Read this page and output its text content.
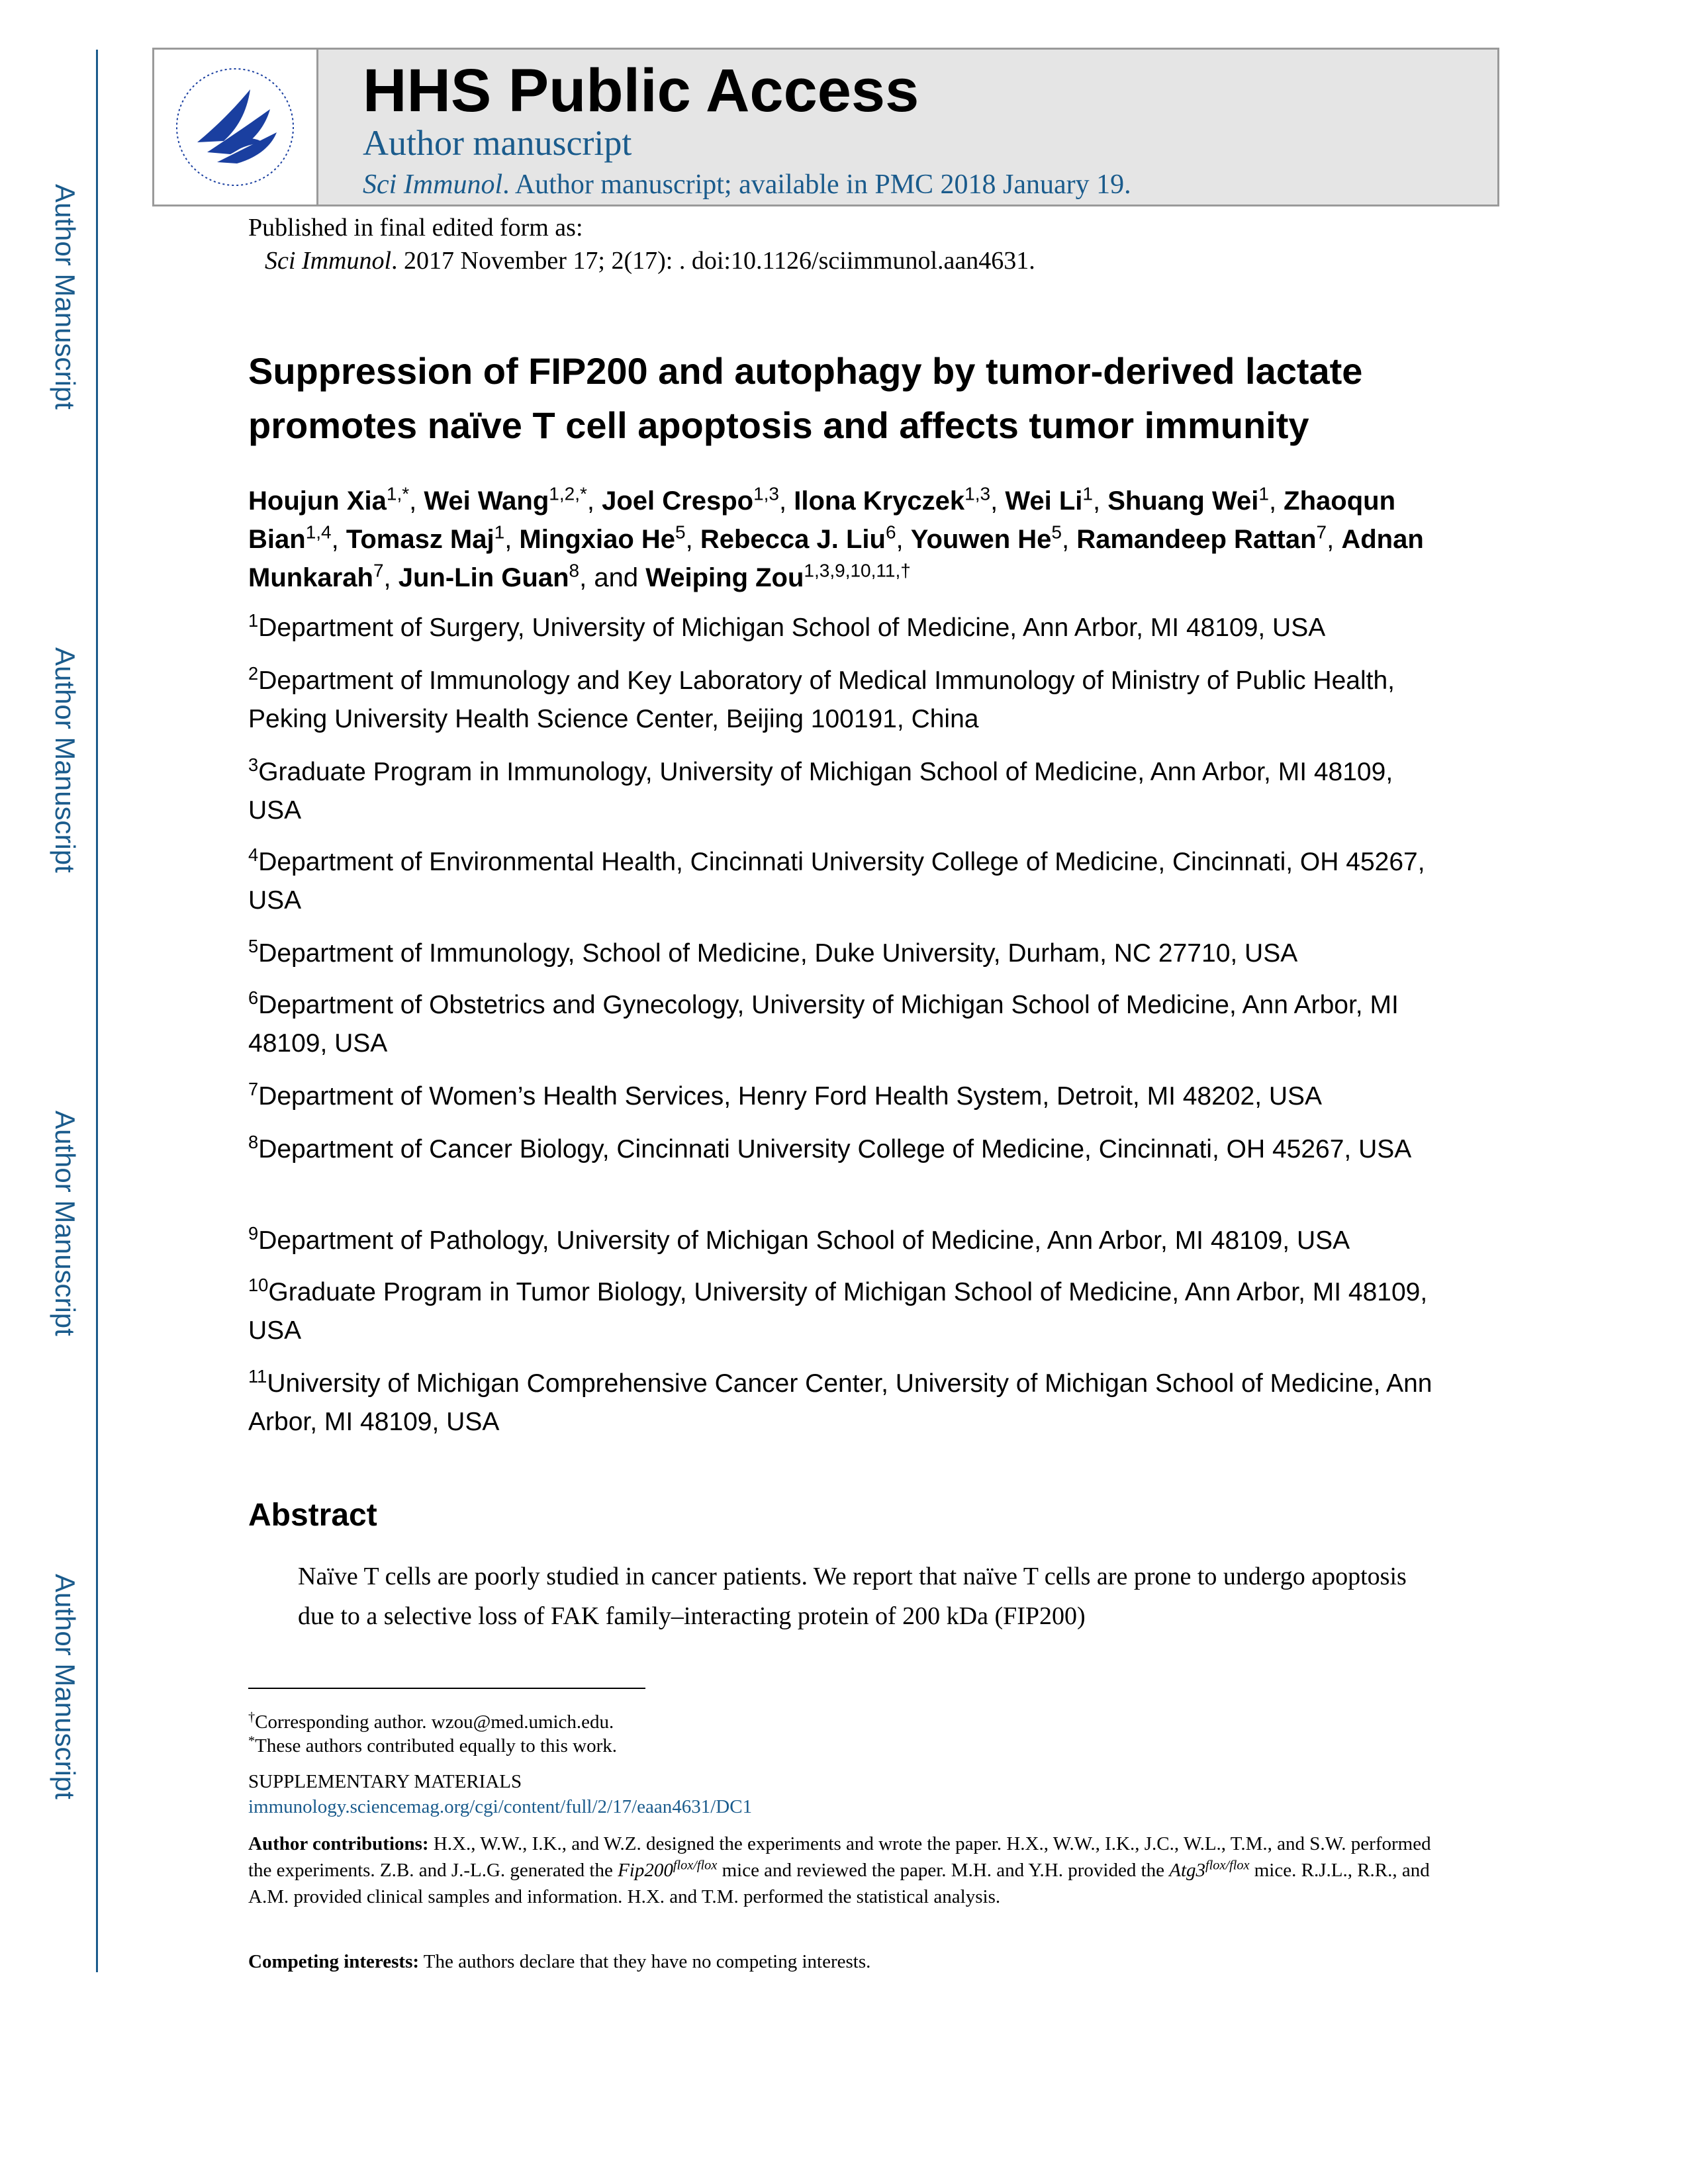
Author Manuscript
Author Manuscript
Author Manuscript
Author Manuscript
HHS Public Access
Author manuscript
Sci Immunol. Author manuscript; available in PMC 2018 January 19.
Published in final edited form as:
Sci Immunol. 2017 November 17; 2(17): . doi:10.1126/sciimmunol.aan4631.
Suppression of FIP200 and autophagy by tumor-derived lactate promotes naïve T cell apoptosis and affects tumor immunity
Houjun Xia$^{1,*}$, Wei Wang$^{1,2,*}$, Joel Crespo$^{1,3}$, Ilona Kryczek$^{1,3}$, Wei Li$^1$, Shuang Wei$^1$, Zhaoqun Bian$^{1,4}$, Tomasz Maj$^1$, Mingxiao He$^5$, Rebecca J. Liu$^6$, Youwen He$^5$, Ramandeep Rattan$^7$, Adnan Munkarah$^7$, Jun-Lin Guan$^8$, and Weiping Zou$^{1,3,9,10,11,\dagger}$
$^1$Department of Surgery, University of Michigan School of Medicine, Ann Arbor, MI 48109, USA
$^2$Department of Immunology and Key Laboratory of Medical Immunology of Ministry of Public Health, Peking University Health Science Center, Beijing 100191, China
$^3$Graduate Program in Immunology, University of Michigan School of Medicine, Ann Arbor, MI 48109, USA
$^4$Department of Environmental Health, Cincinnati University College of Medicine, Cincinnati, OH 45267, USA
$^5$Department of Immunology, School of Medicine, Duke University, Durham, NC 27710, USA
$^6$Department of Obstetrics and Gynecology, University of Michigan School of Medicine, Ann Arbor, MI 48109, USA
$^7$Department of Women’s Health Services, Henry Ford Health System, Detroit, MI 48202, USA
$^8$Department of Cancer Biology, Cincinnati University College of Medicine, Cincinnati, OH 45267, USA
$^9$Department of Pathology, University of Michigan School of Medicine, Ann Arbor, MI 48109, USA
$^{10}$Graduate Program in Tumor Biology, University of Michigan School of Medicine, Ann Arbor, MI 48109, USA
$^{11}$University of Michigan Comprehensive Cancer Center, University of Michigan School of Medicine, Ann Arbor, MI 48109, USA
Abstract
Naïve T cells are poorly studied in cancer patients. We report that naïve T cells are prone to undergo apoptosis due to a selective loss of FAK family–interacting protein of 200 kDa (FIP200)
†Corresponding author. wzou@med.umich.edu.
*These authors contributed equally to this work.
SUPPLEMENTARY MATERIALS
immunology.sciencemag.org/cgi/content/full/2/17/eaan4631/DC1
Author contributions: H.X., W.W., I.K., and W.Z. designed the experiments and wrote the paper. H.X., W.W., I.K., J.C., W.L., T.M., and S.W. performed the experiments. Z.B. and J.-L.G. generated the $Fip200^{flox/flox}$ mice and reviewed the paper. M.H. and Y.H. provided the $Atg3^{flox/flox}$ mice. R.J.L., R.R., and A.M. provided clinical samples and information. H.X. and T.M. performed the statistical analysis.
Competing interests: The authors declare that they have no competing interests.
